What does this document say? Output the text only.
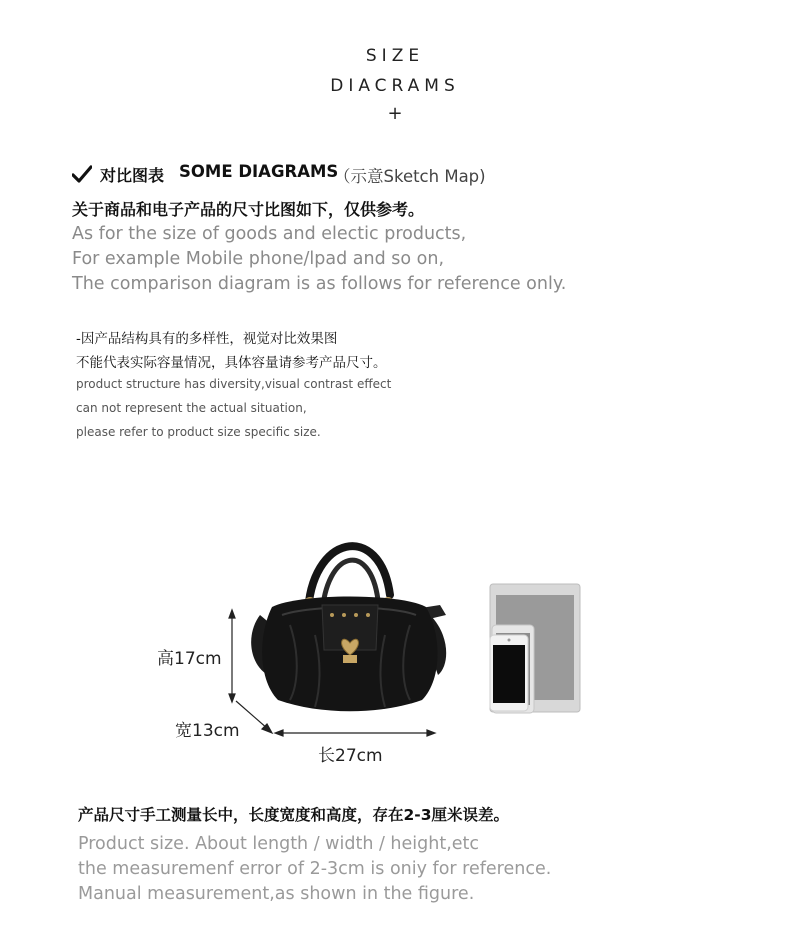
SIZE
DIACRAMS
+
对比图表 SOME DIAGRAMS
（示意Sketch Map)
关于商品和电子产品的尺寸比图如下，仅供参考。
As for the size of goods and electic products,
For example Mobile phone/lpad and so on,
The comparison diagram is as follows for reference only.
-因产品结构具有的多样性，视觉对比效果图
不能代表实际容量情况，具体容量请参考产品尺寸。
product structure has diversity,visual contrast effect
can not represent the actual situation,
please refer to product size specific size.
高17cm
宽13cm
长27cm
产品尺寸手工测量长中，长度宽度和高度，存在2-3厘米误差。
Product size. About length / width / height,etc
the measuremenf error of 2-3cm is oniy for reference.
Manual measurement,as shown in the figure.
